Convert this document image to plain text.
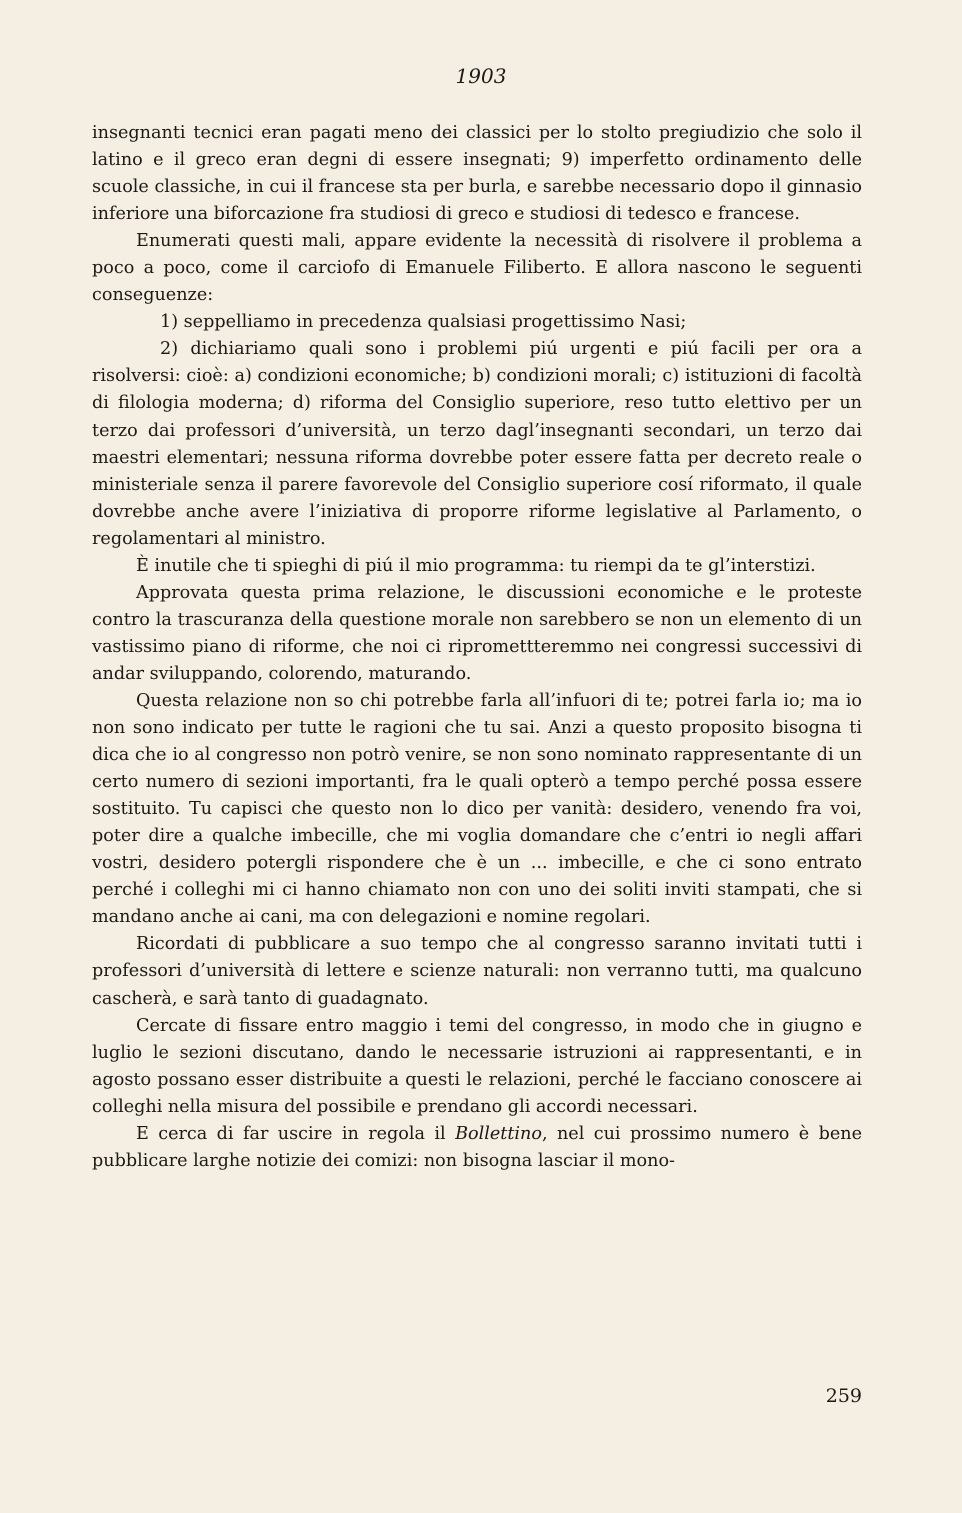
1903

insegnanti tecnici eran pagati meno dei classici per lo stolto pregiudizio che solo il latino e il greco eran degni di essere insegnati; 9) imperfetto ordinamento delle scuole classiche, in cui il francese sta per burla, e sarebbe necessario dopo il ginnasio inferiore una biforcazione fra studiosi di greco e studiosi di tedesco e francese.

Enumerati questi mali, appare evidente la necessità di risolvere il problema a poco a poco, come il carciofo di Emanuele Filiberto. E allora nascono le seguenti conseguenze:

1) seppelliamo in precedenza qualsiasi progettissimo Nasi;

2) dichiariamo quali sono i problemi piú urgenti e piú facili per ora a risolversi: cioè: a) condizioni economiche; b) condizioni morali; c) istituzioni di facoltà di filologia moderna; d) riforma del Consiglio superiore, reso tutto elettivo per un terzo dai professori d’università, un terzo dagl’insegnanti secondari, un terzo dai maestri elementari; nessuna riforma dovrebbe poter essere fatta per decreto reale o ministeriale senza il parere favorevole del Consiglio superiore cosí riformato, il quale dovrebbe anche avere l’iniziativa di proporre riforme legislative al Parlamento, o regolamentari al ministro.

È inutile che ti spieghi di piú il mio programma: tu riempi da te gl’interstizi.

Approvata questa prima relazione, le discussioni economiche e le proteste contro la trascuranza della questione morale non sarebbero se non un elemento di un vastissimo piano di riforme, che noi ci ripromettteremmo nei congressi successivi di andar sviluppando, colorendo, maturando.

Questa relazione non so chi potrebbe farla all’infuori di te; potrei farla io; ma io non sono indicato per tutte le ragioni che tu sai. Anzi a questo proposito bisogna ti dica che io al congresso non potrò venire, se non sono nominato rappresentante di un certo numero di sezioni importanti, fra le quali opterò a tempo perché possa essere sostituito. Tu capisci che questo non lo dico per vanità: desidero, venendo fra voi, poter dire a qualche imbecille, che mi voglia domandare che c’entri io negli affari vostri, desidero potergli rispondere che è un ... imbecille, e che ci sono entrato perché i colleghi mi ci hanno chiamato non con uno dei soliti inviti stampati, che si mandano anche ai cani, ma con delegazioni e nomine regolari.

Ricordati di pubblicare a suo tempo che al congresso saranno invitati tutti i professori d’università di lettere e scienze naturali: non verranno tutti, ma qualcuno cascherà, e sarà tanto di guadagnato.

Cercate di fissare entro maggio i temi del congresso, in modo che in giugno e luglio le sezioni discutano, dando le necessarie istruzioni ai rappresentanti, e in agosto possano esser distribuite a questi le relazioni, perché le facciano conoscere ai colleghi nella misura del possibile e prendano gli accordi necessari.

E cerca di far uscire in regola il Bollettino, nel cui prossimo numero è bene pubblicare larghe notizie dei comizi: non bisogna lasciar il mono-

259
